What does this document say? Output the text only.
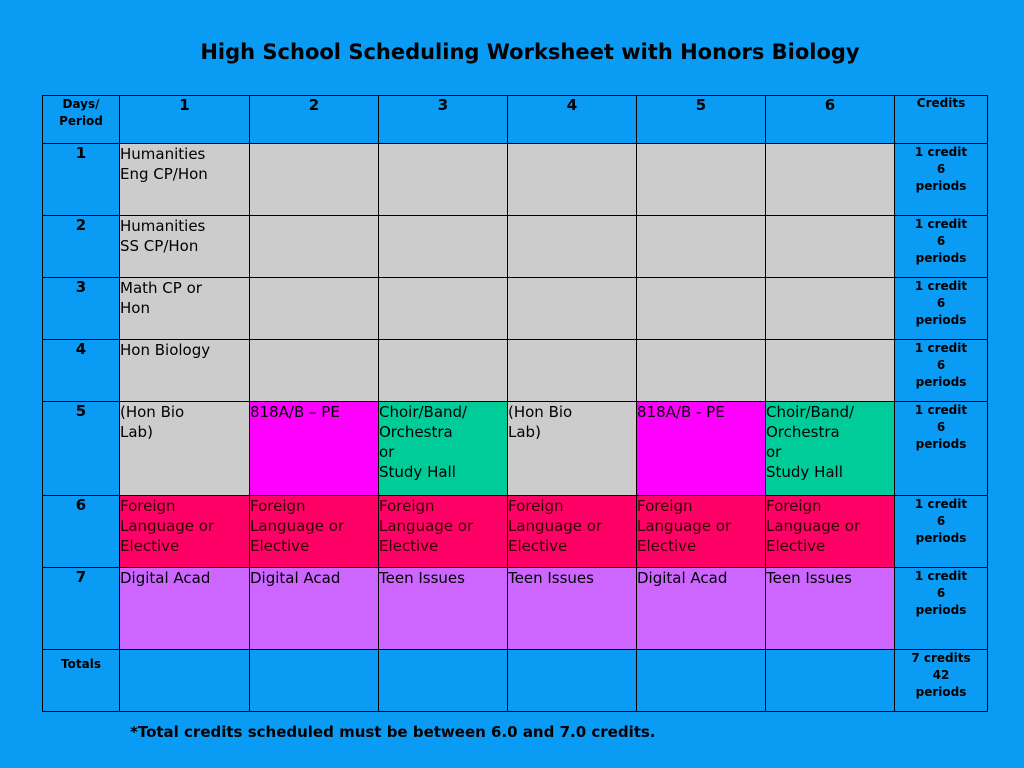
High School Scheduling Worksheet with Honors Biology
Days/
Period	1	2	3	4	5	6	Credits
1	Humanities
Eng CP/Hon						1 credit
6
periods
2	Humanities
SS CP/Hon						1 credit
6
periods
3	Math CP or
Hon						1 credit
6
periods
4	Hon Biology						1 credit
6
periods
5	(Hon Bio
Lab)	818A/B – PE	Choir/Band/
Orchestra
or
Study Hall	(Hon Bio
Lab)	818A/B - PE	Choir/Band/
Orchestra
or
Study Hall	1 credit
6
periods
6	Foreign
Language or
Elective	Foreign
Language or
Elective	Foreign
Language or
Elective	Foreign
Language or
Elective	Foreign
Language or
Elective	Foreign
Language or
Elective	1 credit
6
periods
7	Digital Acad	Digital Acad	Teen Issues	Teen Issues	Digital Acad	Teen Issues	1 credit
6
periods
Totals							7 credits
42
periods
*Total credits scheduled must be between 6.0 and 7.0 credits.
